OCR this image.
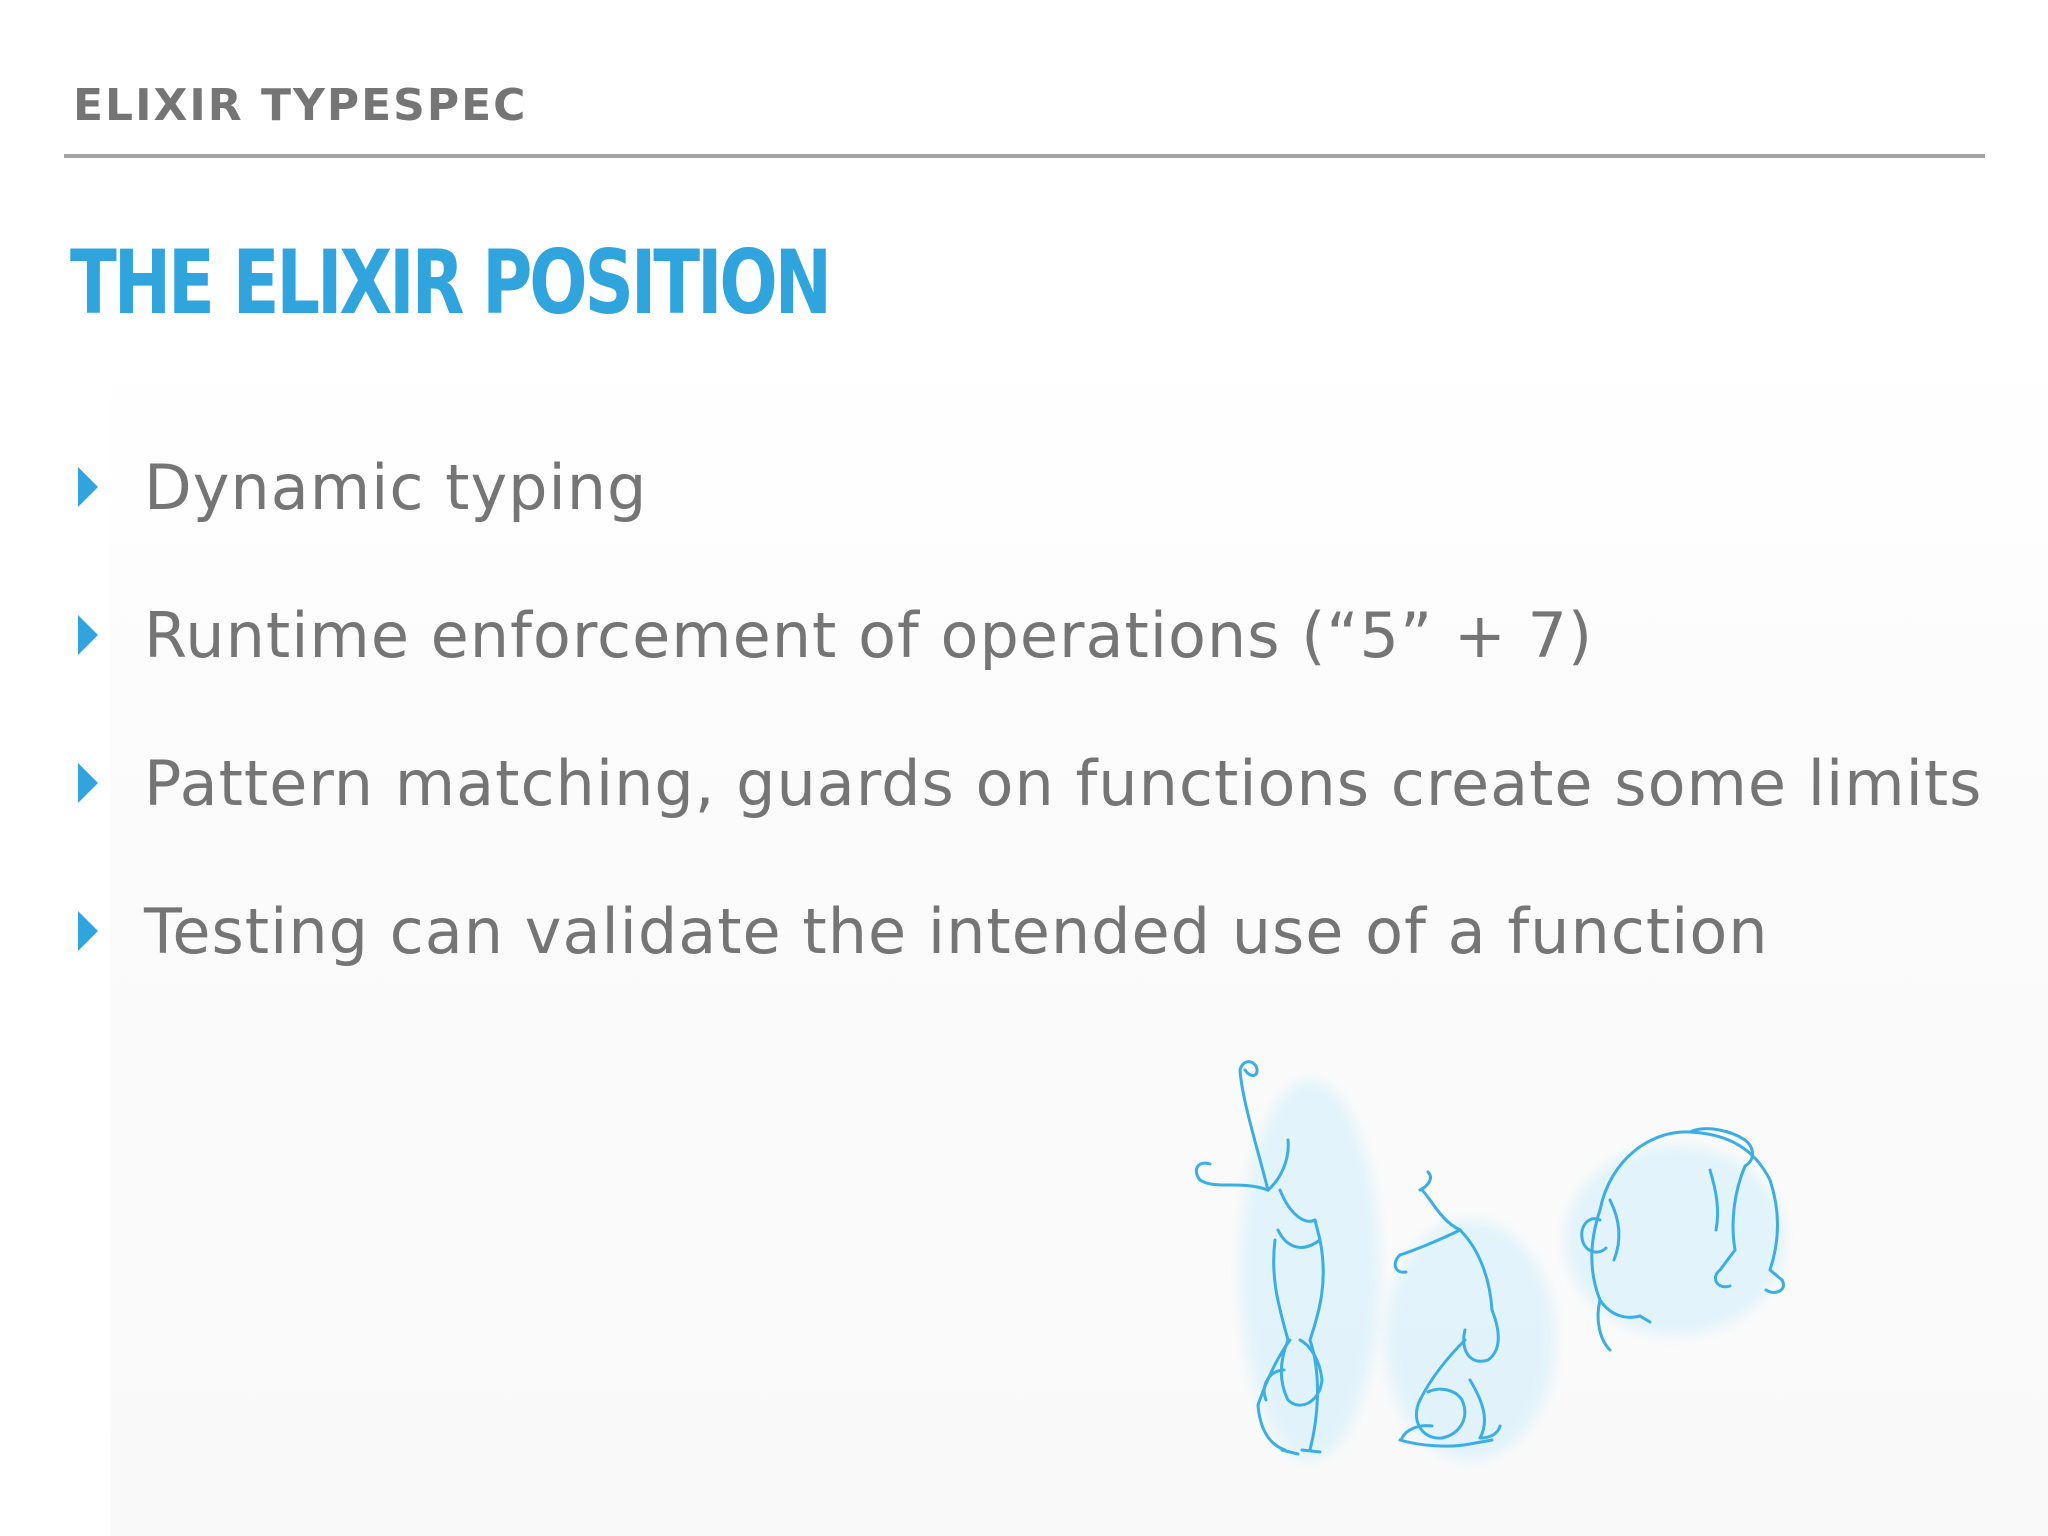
ELIXIR TYPESPEC
THE ELIXIR POSITION
Dynamic typing
Runtime enforcement of operations (“5” + 7)
Pattern matching, guards on functions create some limits
Testing can validate the intended use of a function
